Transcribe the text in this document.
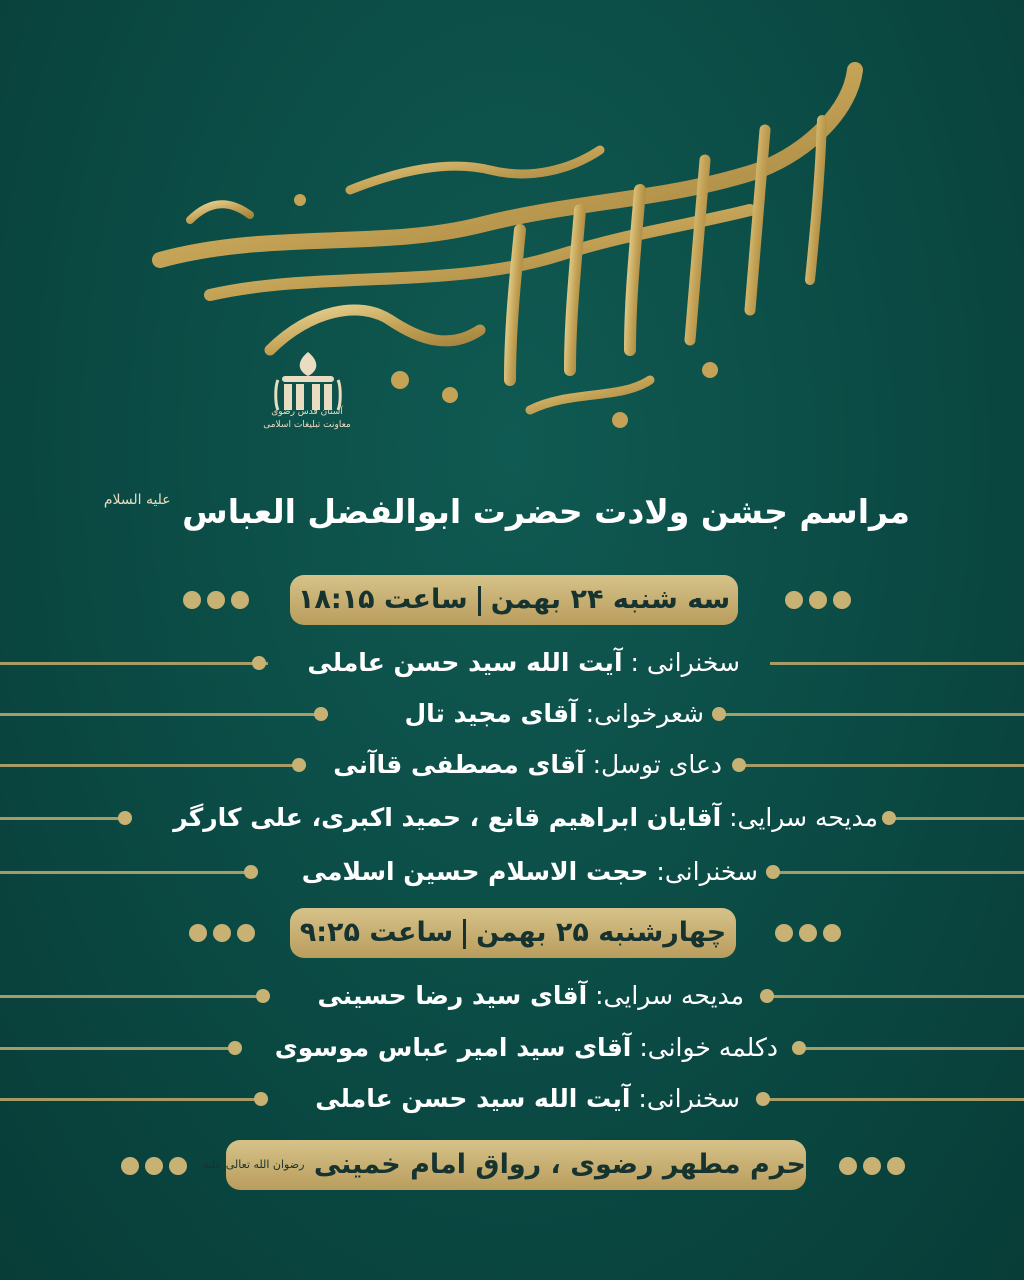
آستان قدس رضوی
معاونت تبلیغات اسلامی
مراسم جشن ولادت حضرت ابوالفضل العباس $^{علیه السلام}$
سه شنبه ۲۴ بهمنساعت ۱۸:۱۵
سخنرانی : آیت الله سید حسن عاملی
شعرخوانی: آقای مجید تال
دعای توسل: آقای مصطفی قاآنی
مدیحه سرایی: آقایان ابراهیم قانع ، حمید اکبری، علی کارگر
سخنرانی: حجت الاسلام حسین اسلامی
چهارشنبه ۲۵ بهمنساعت ۹:۲۵
مدیحه سرایی: آقای سید رضا حسینی
دکلمه خوانی: آقای سید امیر عباس موسوی
سخنرانی: آیت الله سید حسن عاملی
حرم مطهر رضوی ، رواق امام خمینی $^{رضوان الله تعالی علیه}$
